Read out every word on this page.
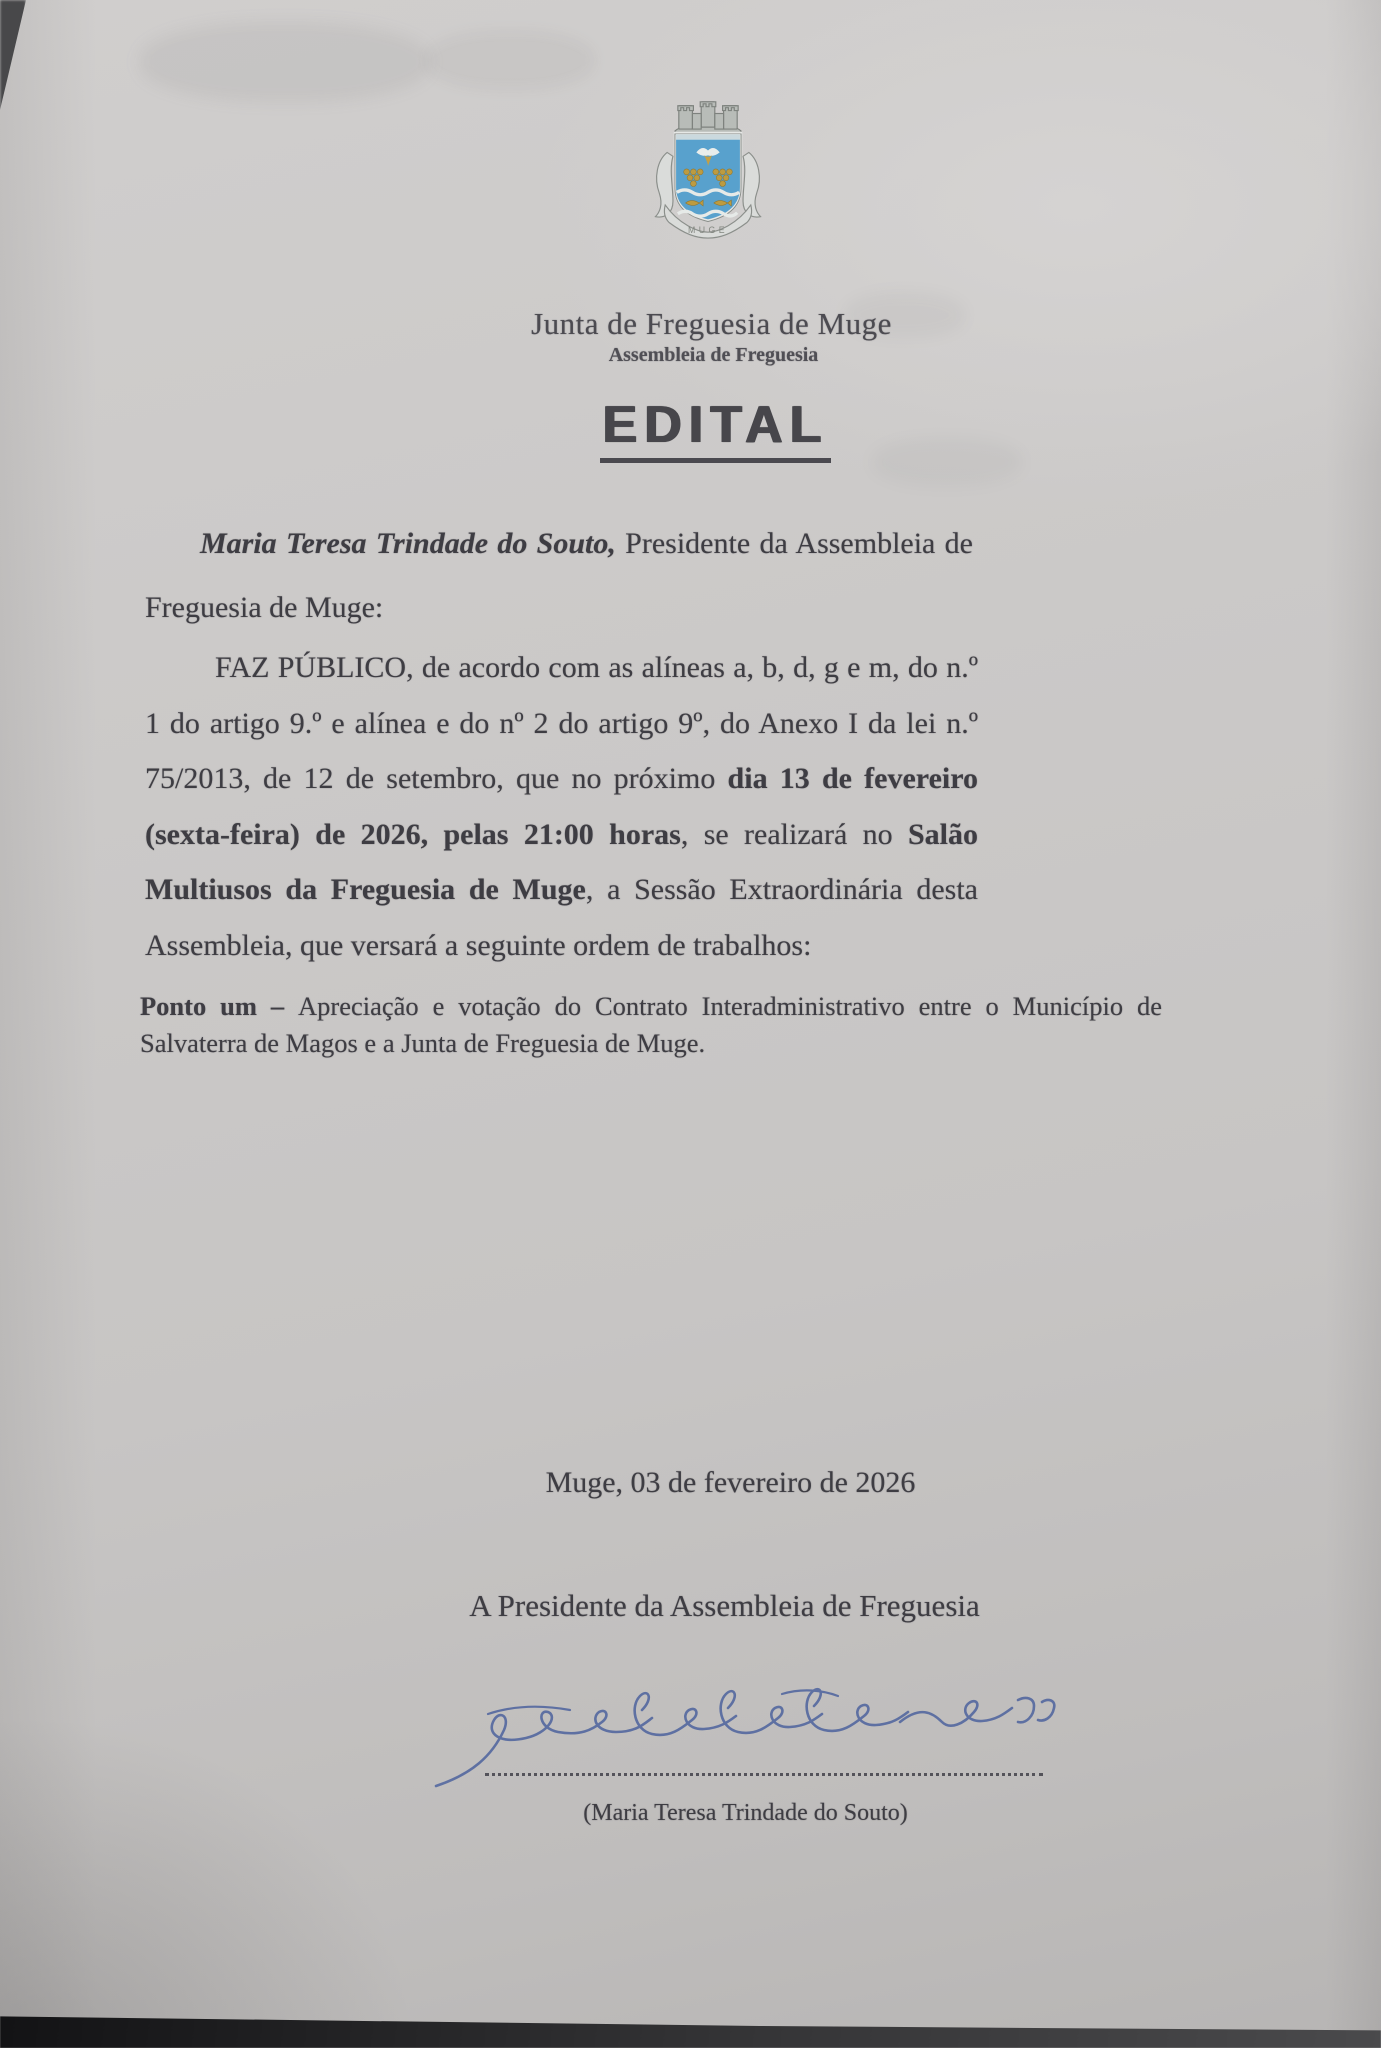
MUGE
Junta de Freguesia de Muge
Assembleia de Freguesia
EDITAL
Maria Teresa Trindade do Souto, Presidente da Assembleia de Freguesia de Muge:
FAZ PÚBLICO, de acordo com as alíneas a, b, d, g e m, do n.º 1 do artigo 9.º e alínea e do nº 2 do artigo 9º, do Anexo I da lei n.º 75/2013, de 12 de setembro, que no próximo dia 13 de fevereiro (sexta-feira) de 2026, pelas 21:00 horas, se realizará no Salão Multiusos da Freguesia de Muge, a Sessão Extraordinária desta Assembleia, que versará a seguinte ordem de trabalhos:
Ponto um – Apreciação e votação do Contrato Interadministrativo entre o Município de Salvaterra de Magos e a Junta de Freguesia de Muge.
Muge, 03 de fevereiro de 2026
A Presidente da Assembleia de Freguesia
(Maria Teresa Trindade do Souto)
